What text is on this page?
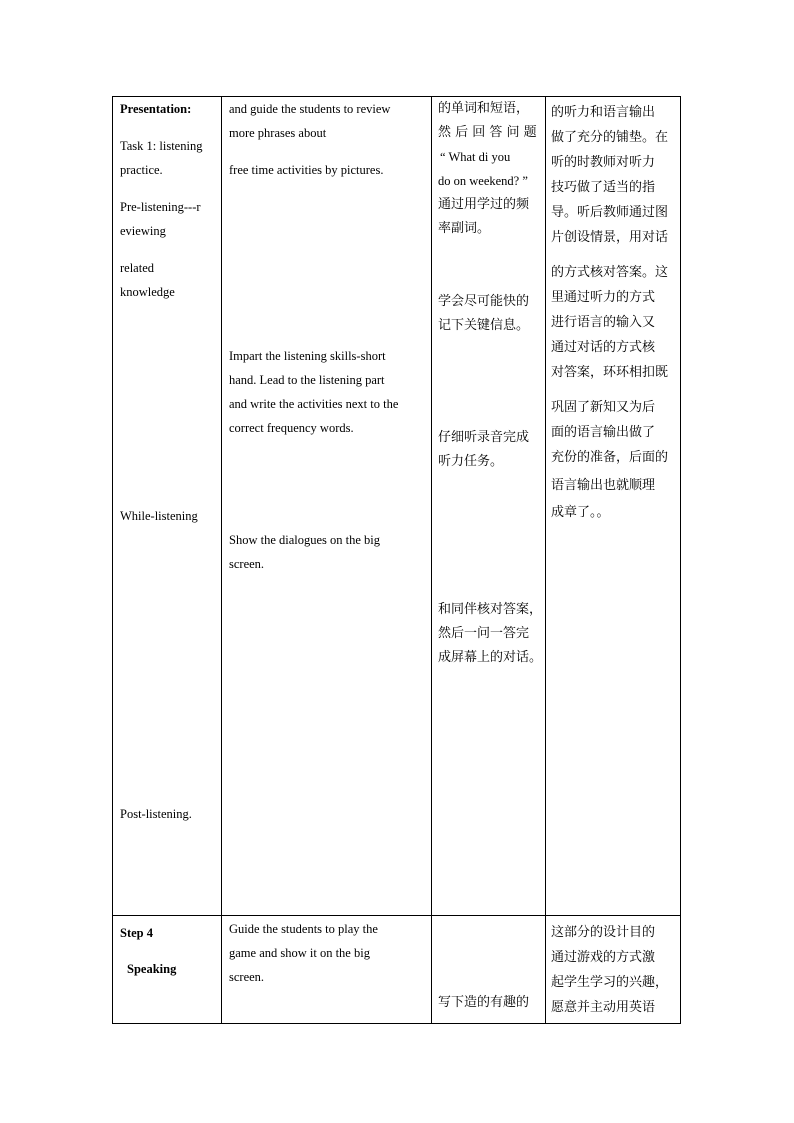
Presentation:
Task 1: listening
practice.
Pre-listening---r
eviewing
related
knowledge
While-listening
Post-listening.
and guide the students to review
more phrases about
free time activities by pictures.
Impart the listening skills-short
hand. Lead to the listening part
and write the activities next to the
correct frequency words.
Show the dialogues on the big
screen.
的单词和短语，
然 后 回 答 问 题
“ What di you
do on weekend? ”
通过用学过的频
率副词。
学会尽可能快的
记下关键信息。
仔细听录音完成
听力任务。
和同伴核对答案，
然后一问一答完
成屏幕上的对话。
的听力和语言输出
做了充分的铺垫。在
听的时教师对听力
技巧做了适当的指
导。听后教师通过图
片创设情景，用对话
的方式核对答案。这
里通过听力的方式
进行语言的输入又
通过对话的方式核
对答案，环环相扣既
巩固了新知又为后
面的语言输出做了
充份的准备，后面的
语言输出也就顺理
成章了。。
Step 4
Speaking
Guide the students to play the
game and show it on the big
screen.
写下造的有趣的
这部分的设计目的
通过游戏的方式激
起学生学习的兴趣，
愿意并主动用英语
